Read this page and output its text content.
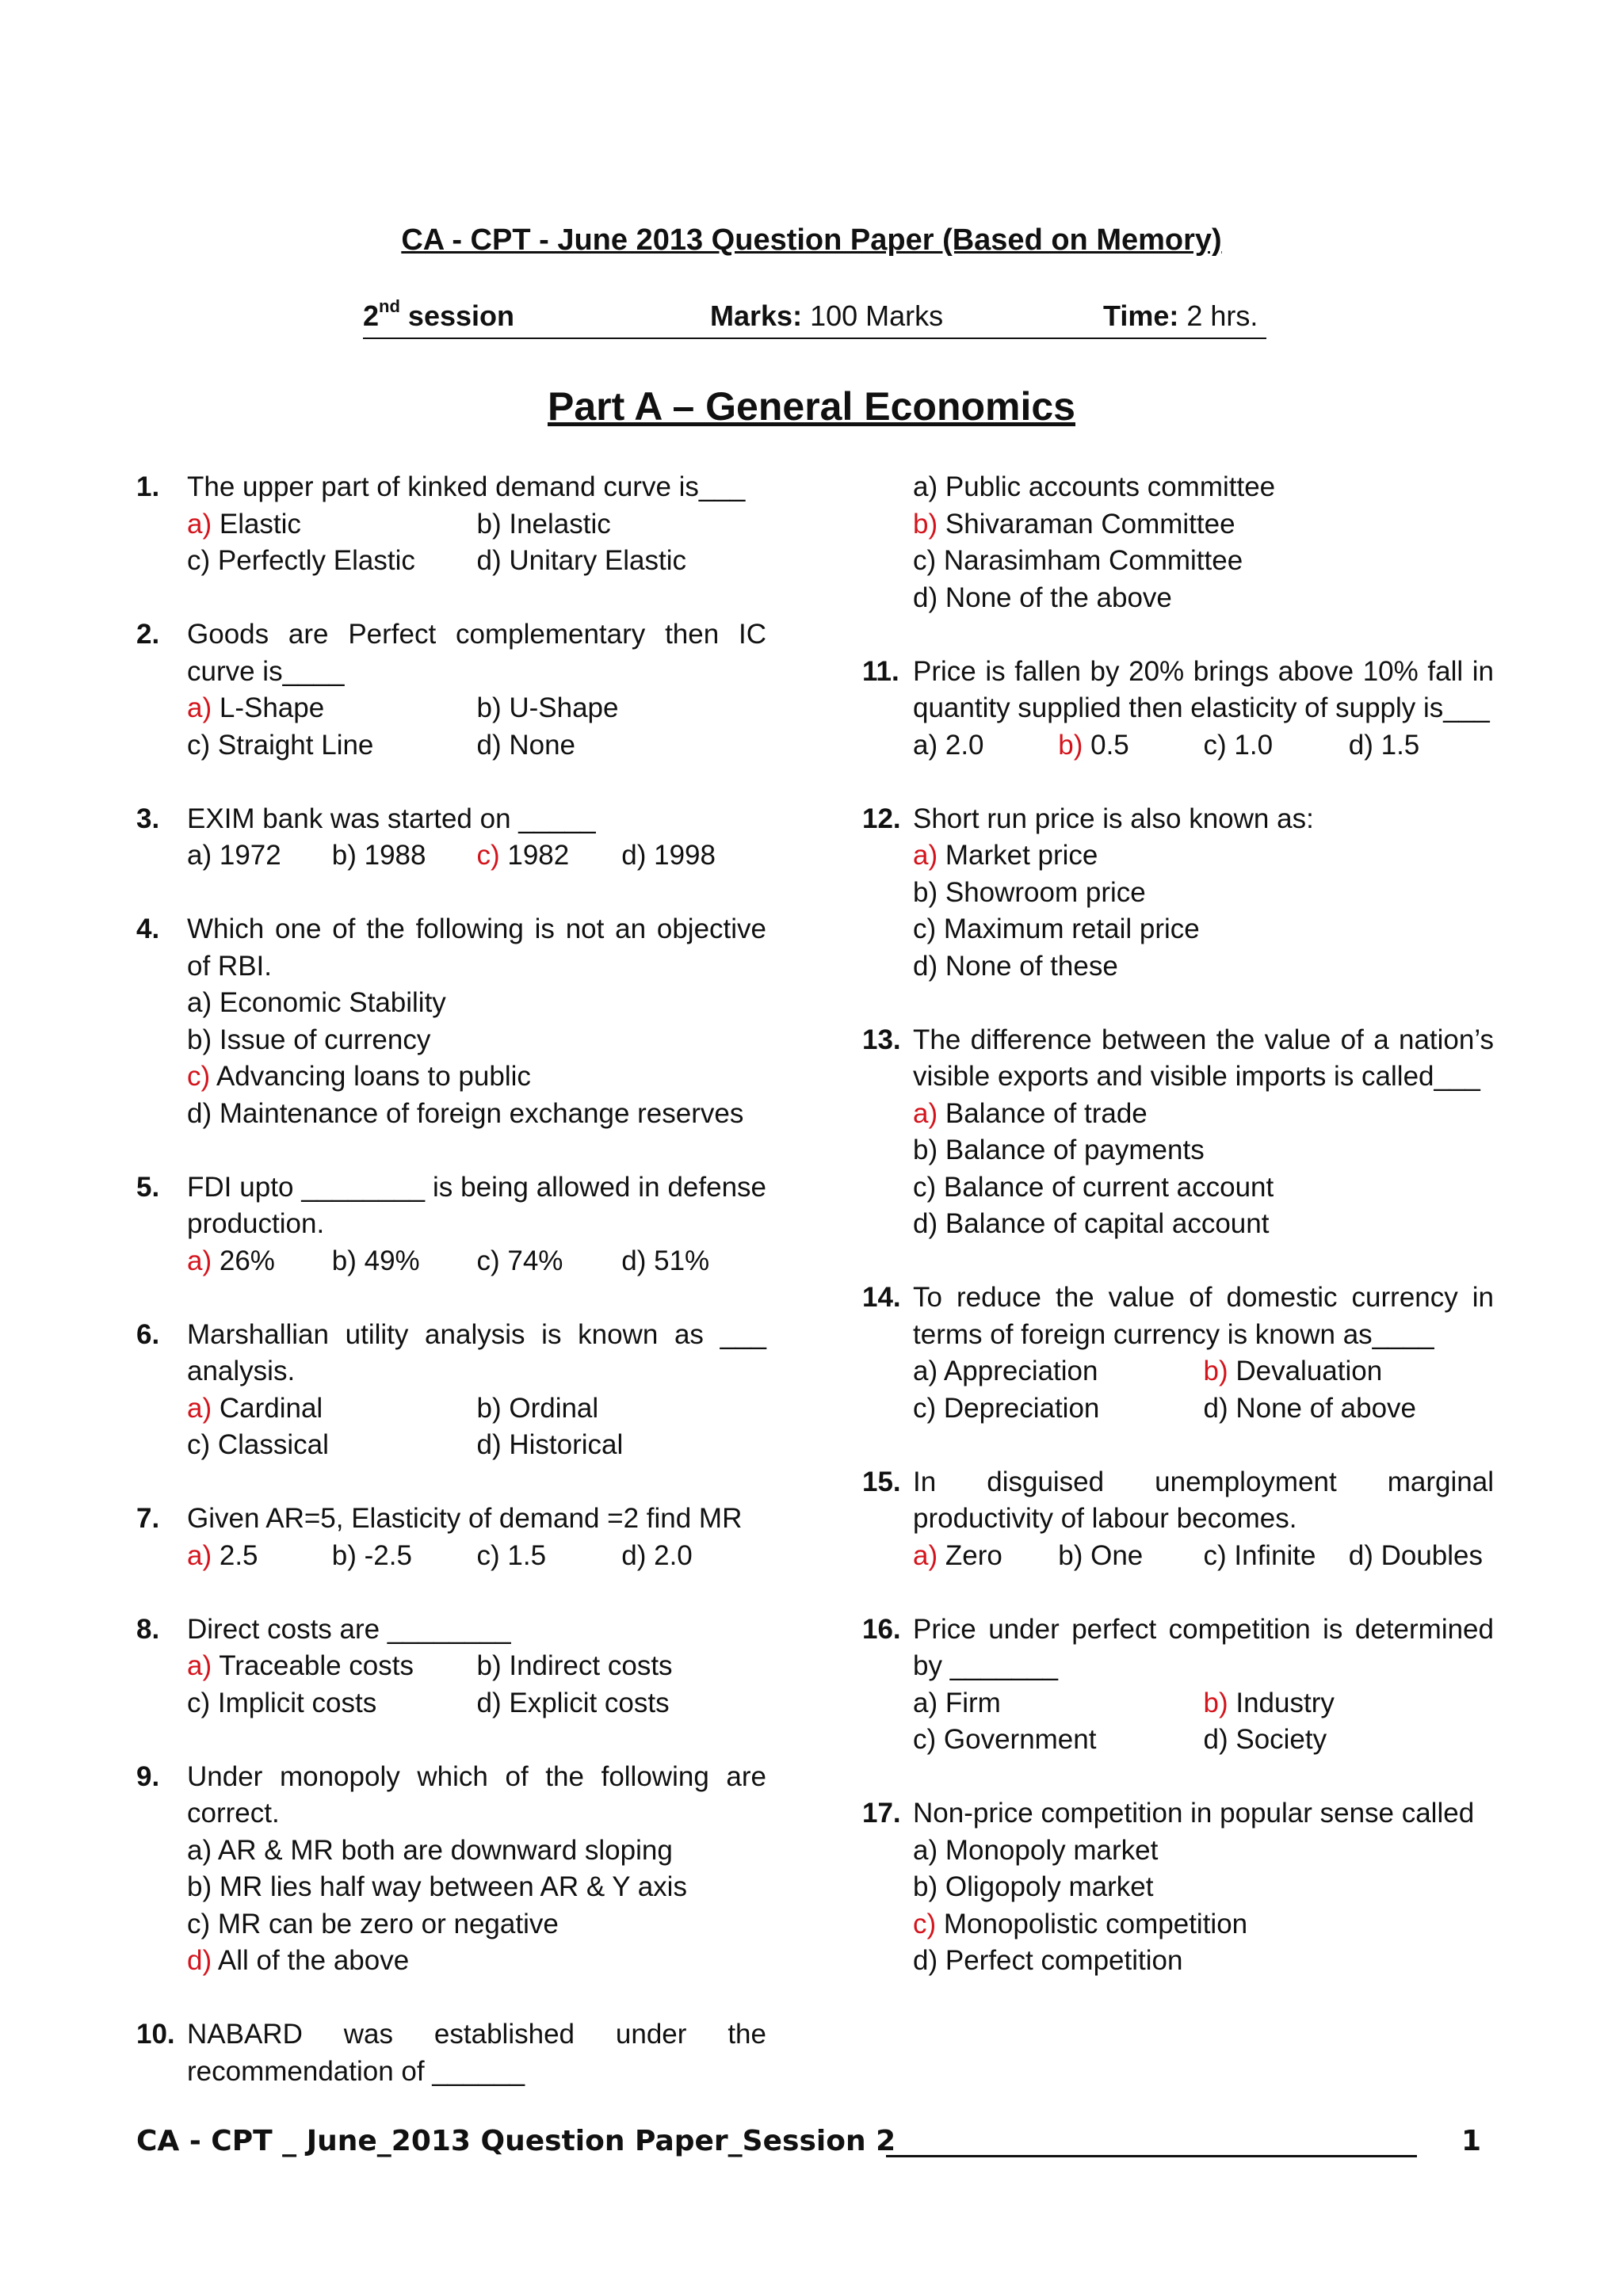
CA - CPT - June 2013 Question Paper (Based on Memory)
2nd session	Marks: 100 Marks	Time: 2 hrs.
Part A – General Economics
1. The upper part of kinked demand curve is___
a) Elastic	b) Inelastic
c) Perfectly Elastic	d) Unitary Elastic
2. Goods are Perfect complementary then IC curve is____
a) L-Shape	b) U-Shape
c) Straight Line	d) None
3. EXIM bank was started on _____
a) 1972	b) 1988	c) 1982	d) 1998
4. Which one of the following is not an objective of RBI.
a) Economic Stability
b) Issue of currency
c) Advancing loans to public
d) Maintenance of foreign exchange reserves
5. FDI upto ________ is being allowed in defense production.
a) 26%	b) 49%	c) 74%	d) 51%
6. Marshallian utility analysis is known as ___ analysis.
a) Cardinal	b) Ordinal
c) Classical	d) Historical
7. Given AR=5, Elasticity of demand =2 find MR
a) 2.5	b) -2.5	c) 1.5	d) 2.0
8. Direct costs are ________
a) Traceable costs	b) Indirect costs
c) Implicit costs	d) Explicit costs
9. Under monopoly which of the following are correct.
a) AR & MR both are downward sloping
b) MR lies half way between AR & Y axis
c) MR can be zero or negative
d) All of the above
10. NABARD was established under the recommendation of ______
a) Public accounts committee
b) Shivaraman Committee
c) Narasimham Committee
d) None of the above
11. Price is fallen by 20% brings above 10% fall in quantity supplied then elasticity of supply is___
a) 2.0	b) 0.5	c) 1.0	d) 1.5
12. Short run price is also known as:
a) Market price
b) Showroom price
c) Maximum retail price
d) None of these
13. The difference between the value of a nation’s visible exports and visible imports is called___
a) Balance of trade
b) Balance of payments
c) Balance of current account
d) Balance of capital account
14. To reduce the value of domestic currency in terms of foreign currency is known as____
a) Appreciation	b) Devaluation
c) Depreciation	d) None of above
15. In disguised unemployment marginal productivity of labour becomes.
a) Zero	b) One	c) Infinite	d) Doubles
16. Price under perfect competition is determined by _______
a) Firm	b) Industry
c) Government	d) Society
17. Non-price competition in popular sense called
a) Monopoly market
b) Oligopoly market
c) Monopolistic competition
d) Perfect competition
CA - CPT _ June_2013 Question Paper_Session 2	1
